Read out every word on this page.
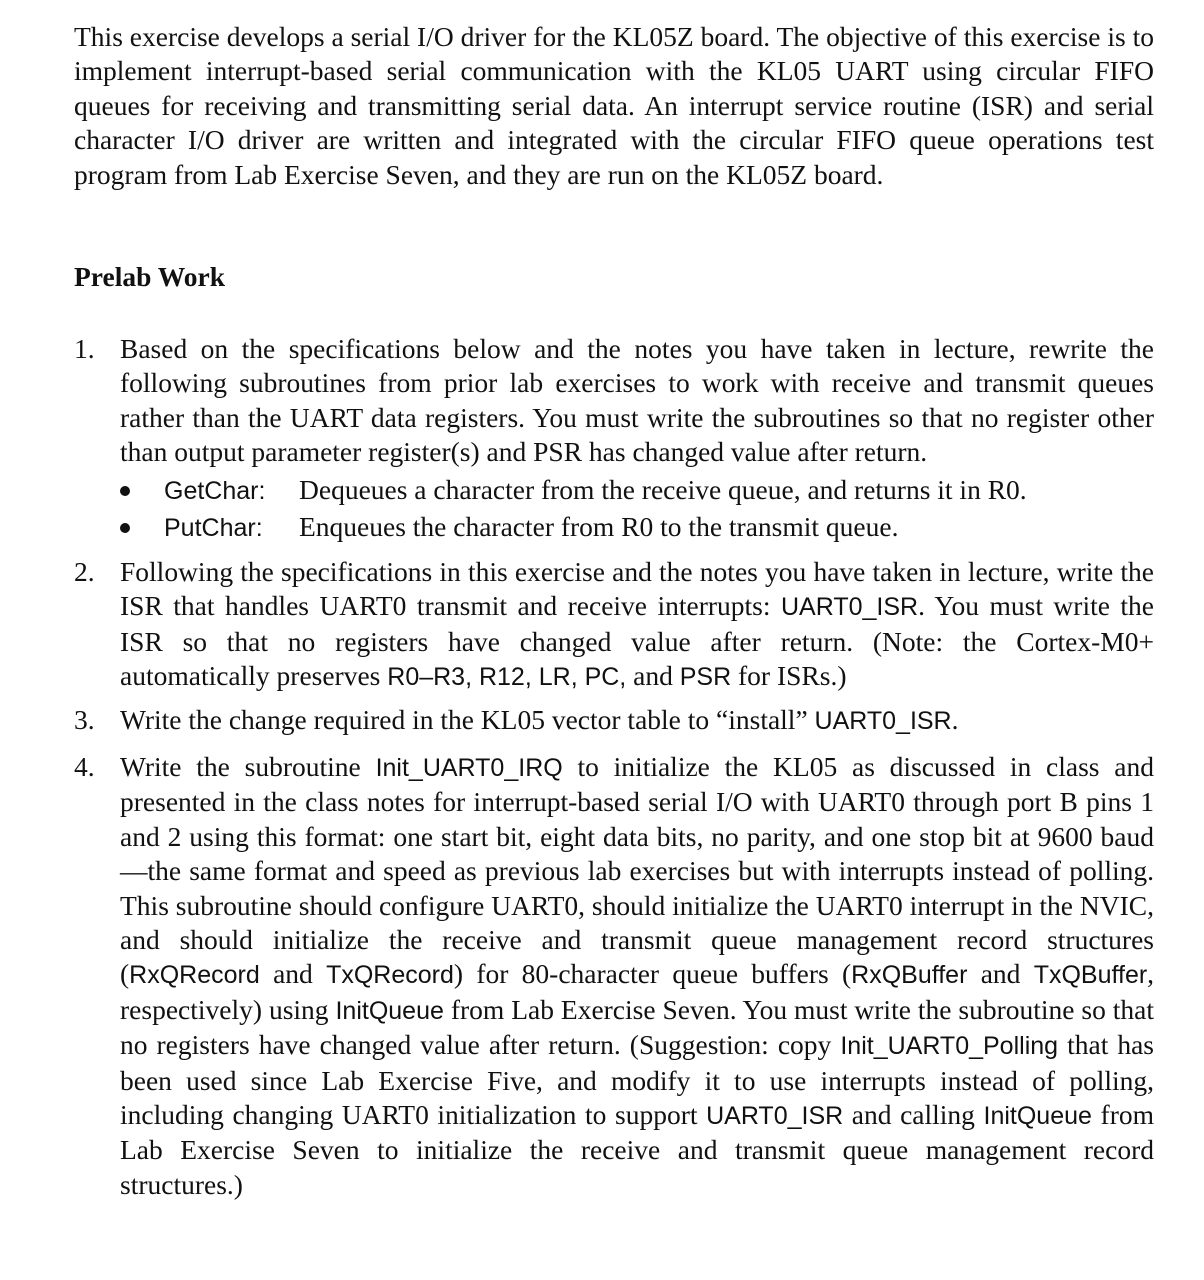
This exercise develops a serial I/O driver for the KL05Z board. The objective of this exercise is to implement interrupt-based serial communication with the KL05 UART using circular FIFO queues for receiving and transmitting serial data. An interrupt service routine (ISR) and serial character I/O driver are written and integrated with the circular FIFO queue operations test program from Lab Exercise Seven, and they are run on the KL05Z board.

Prelab Work
1. Based on the specifications below and the notes you have taken in lecture, rewrite the following subroutines from prior lab exercises to work with receive and transmit queues rather than the UART data registers. You must write the subroutines so that no register other than output parameter register(s) and PSR has changed value after return.
GetChar: Dequeues a character from the receive queue, and returns it in R0.
PutChar: Enqueues the character from R0 to the transmit queue.
2. Following the specifications in this exercise and the notes you have taken in lecture, write the ISR that handles UART0 transmit and receive interrupts: UART0_ISR. You must write the ISR so that no registers have changed value after return. (Note: the Cortex-M0+ automatically preserves R0–R3, R12, LR, PC, and PSR for ISRs.)
3. Write the change required in the KL05 vector table to “install” UART0_ISR.
4. Write the subroutine Init_UART0_IRQ to initialize the KL05 as discussed in class and presented in the class notes for interrupt-based serial I/O with UART0 through port B pins 1 and 2 using this format: one start bit, eight data bits, no parity, and one stop bit at 9600 baud—the same format and speed as previous lab exercises but with interrupts instead of polling. This subroutine should configure UART0, should initialize the UART0 interrupt in the NVIC, and should initialize the receive and transmit queue management record structures (RxQRecord and TxQRecord) for 80-character queue buffers (RxQBuffer and TxQBuffer, respectively) using InitQueue from Lab Exercise Seven. You must write the subroutine so that no registers have changed value after return. (Suggestion: copy Init_UART0_Polling that has been used since Lab Exercise Five, and modify it to use interrupts instead of polling, including changing UART0 initialization to support UART0_ISR and calling InitQueue from Lab Exercise Seven to initialize the receive and transmit queue management record structures.)
